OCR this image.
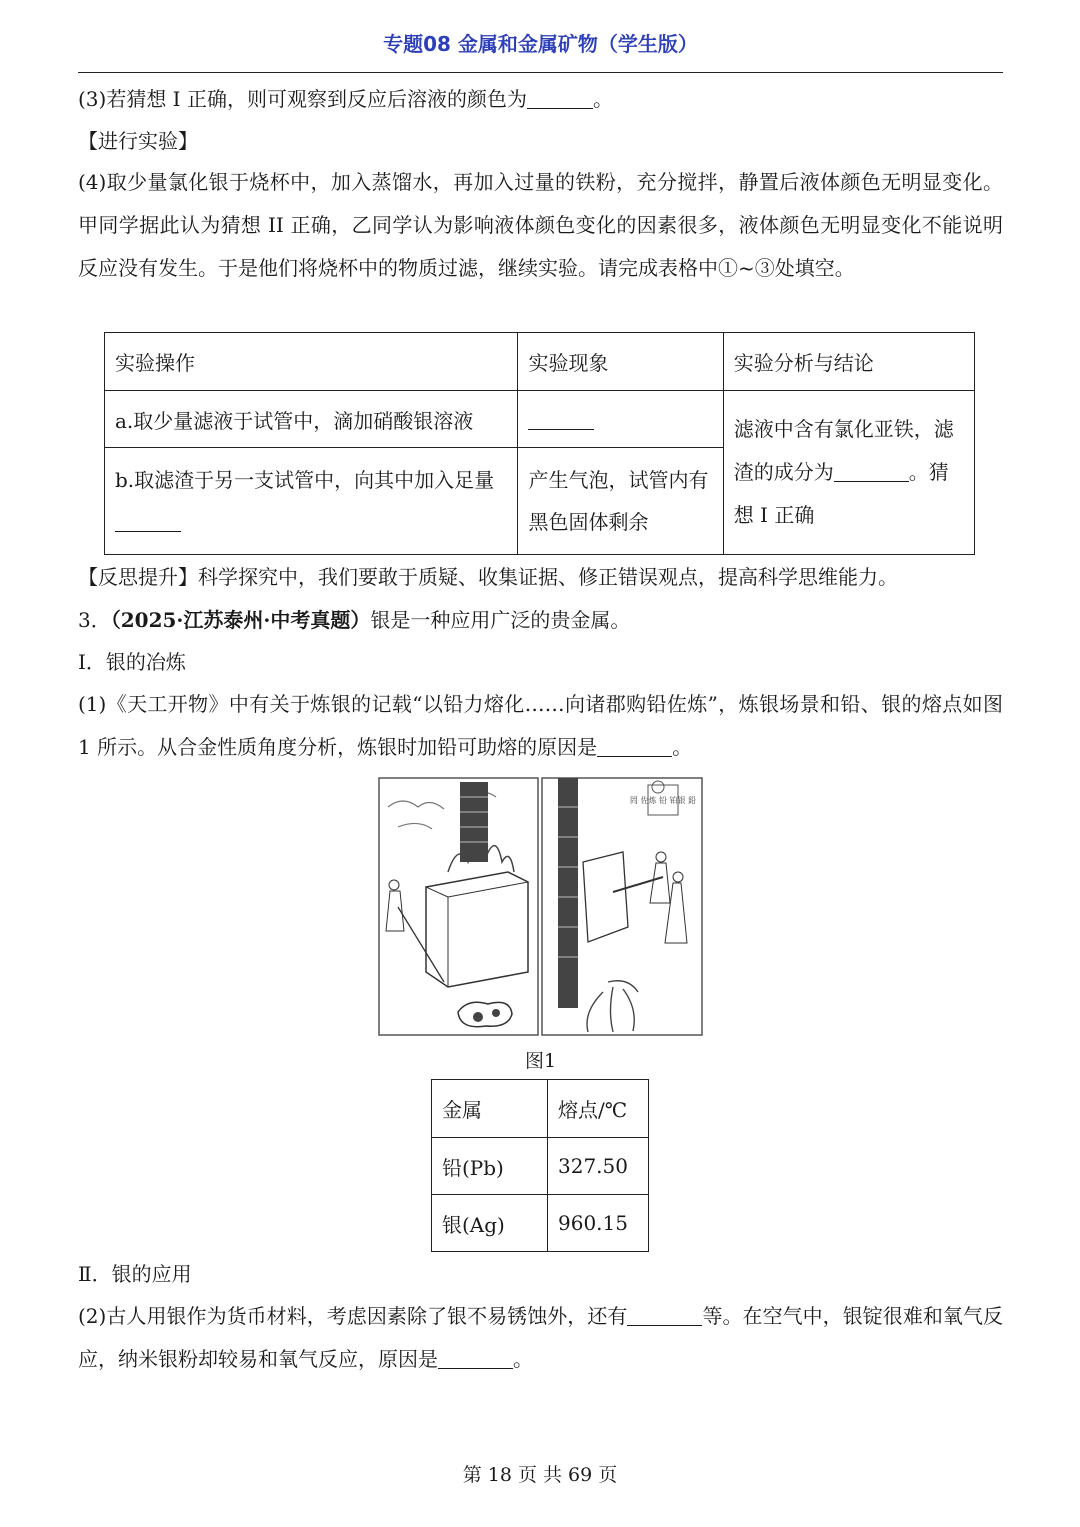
专题08 金属和金属矿物（学生版）
(3)若猜想 I 正确，则可观察到反应后溶液的颜色为	。
【进行实验】
(4)取少量氯化银于烧杯中，加入蒸馏水，再加入过量的铁粉，充分搅拌，静置后液体颜色无明显变化。甲同学据此认为猜想 II 正确，乙同学认为影响液体颜色变化的因素很多，液体颜色无明显变化不能说明反应没有发生。于是他们将烧杯中的物质过滤，继续实验。请完成表格中①~③处填空。
实验操作	实验现象	实验分析与结论
a.取少量滤液于试管中，滴加硝酸银溶液		滤液中含有氯化亚铁，滤渣的成分为 。猜想 I 正确
b.取滤渣于另一支试管中，向其中加入足量	产生气泡，试管内有黑色固体剩余	
【反思提升】科学探究中，我们要敢于质疑、收集证据、修正错误观点，提高科学思维能力。
3．（2025·江苏泰州·中考真题）银是一种应用广泛的贵金属。
I．银的冶炼
(1)《天工开物》中有关于炼银的记载“以铅力熔化……向诸郡购铅佐炼”，炼银场景和铅、银的熔点如图 1 所示。从合金性质角度分析，炼银时加铅可助熔的原因是	。
罔 佐炼 铅 铂银 鉛
图1
金属	熔点/℃
铅(Pb)	327.50
银(Ag)	960.15
Ⅱ．银的应用
(2)古人用银作为货币材料，考虑因素除了银不易锈蚀外，还有	等。在空气中，银锭很难和氧气反应，纳米银粉却较易和氧气反应，原因是	。
第 18 页 共 69 页
